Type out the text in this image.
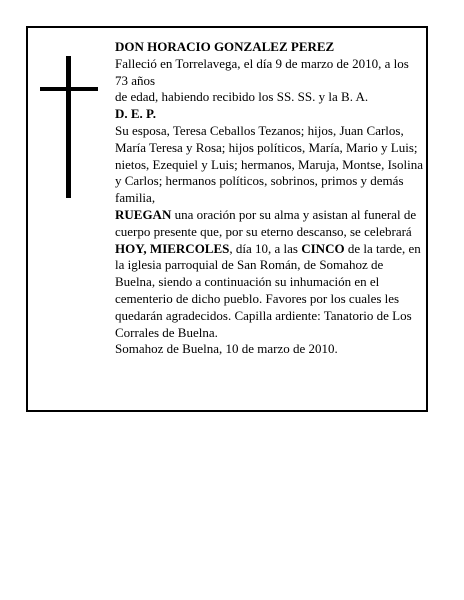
DON HORACIO GONZALEZ PEREZ

Falleció en Torrelavega, el día 9 de marzo de 2010, a los 73 años

de edad, habiendo recibido los SS. SS. y la B. A.

D. E. P.

Su esposa, Teresa Ceballos Tezanos; hijos, Juan Carlos, María Teresa y Rosa; hijos políticos, María, Mario y Luis; nietos, Ezequiel y Luis; hermanos, Maruja, Montse, Isolina y Carlos; hermanos políticos, sobrinos, primos y demás familia,

RUEGAN una oración por su alma y asistan al funeral de cuerpo presente que, por su eterno descanso, se celebrará HOY, MIERCOLES, día 10, a las CINCO de la tarde, en la iglesia parroquial de San Román, de Somahoz de Buelna, siendo a continuación su inhumación en el cementerio de dicho pueblo. Favores por los cuales les quedarán agradecidos. Capilla ardiente: Tanatorio de Los Corrales de Buelna.

Somahoz de Buelna, 10 de marzo de 2010.
